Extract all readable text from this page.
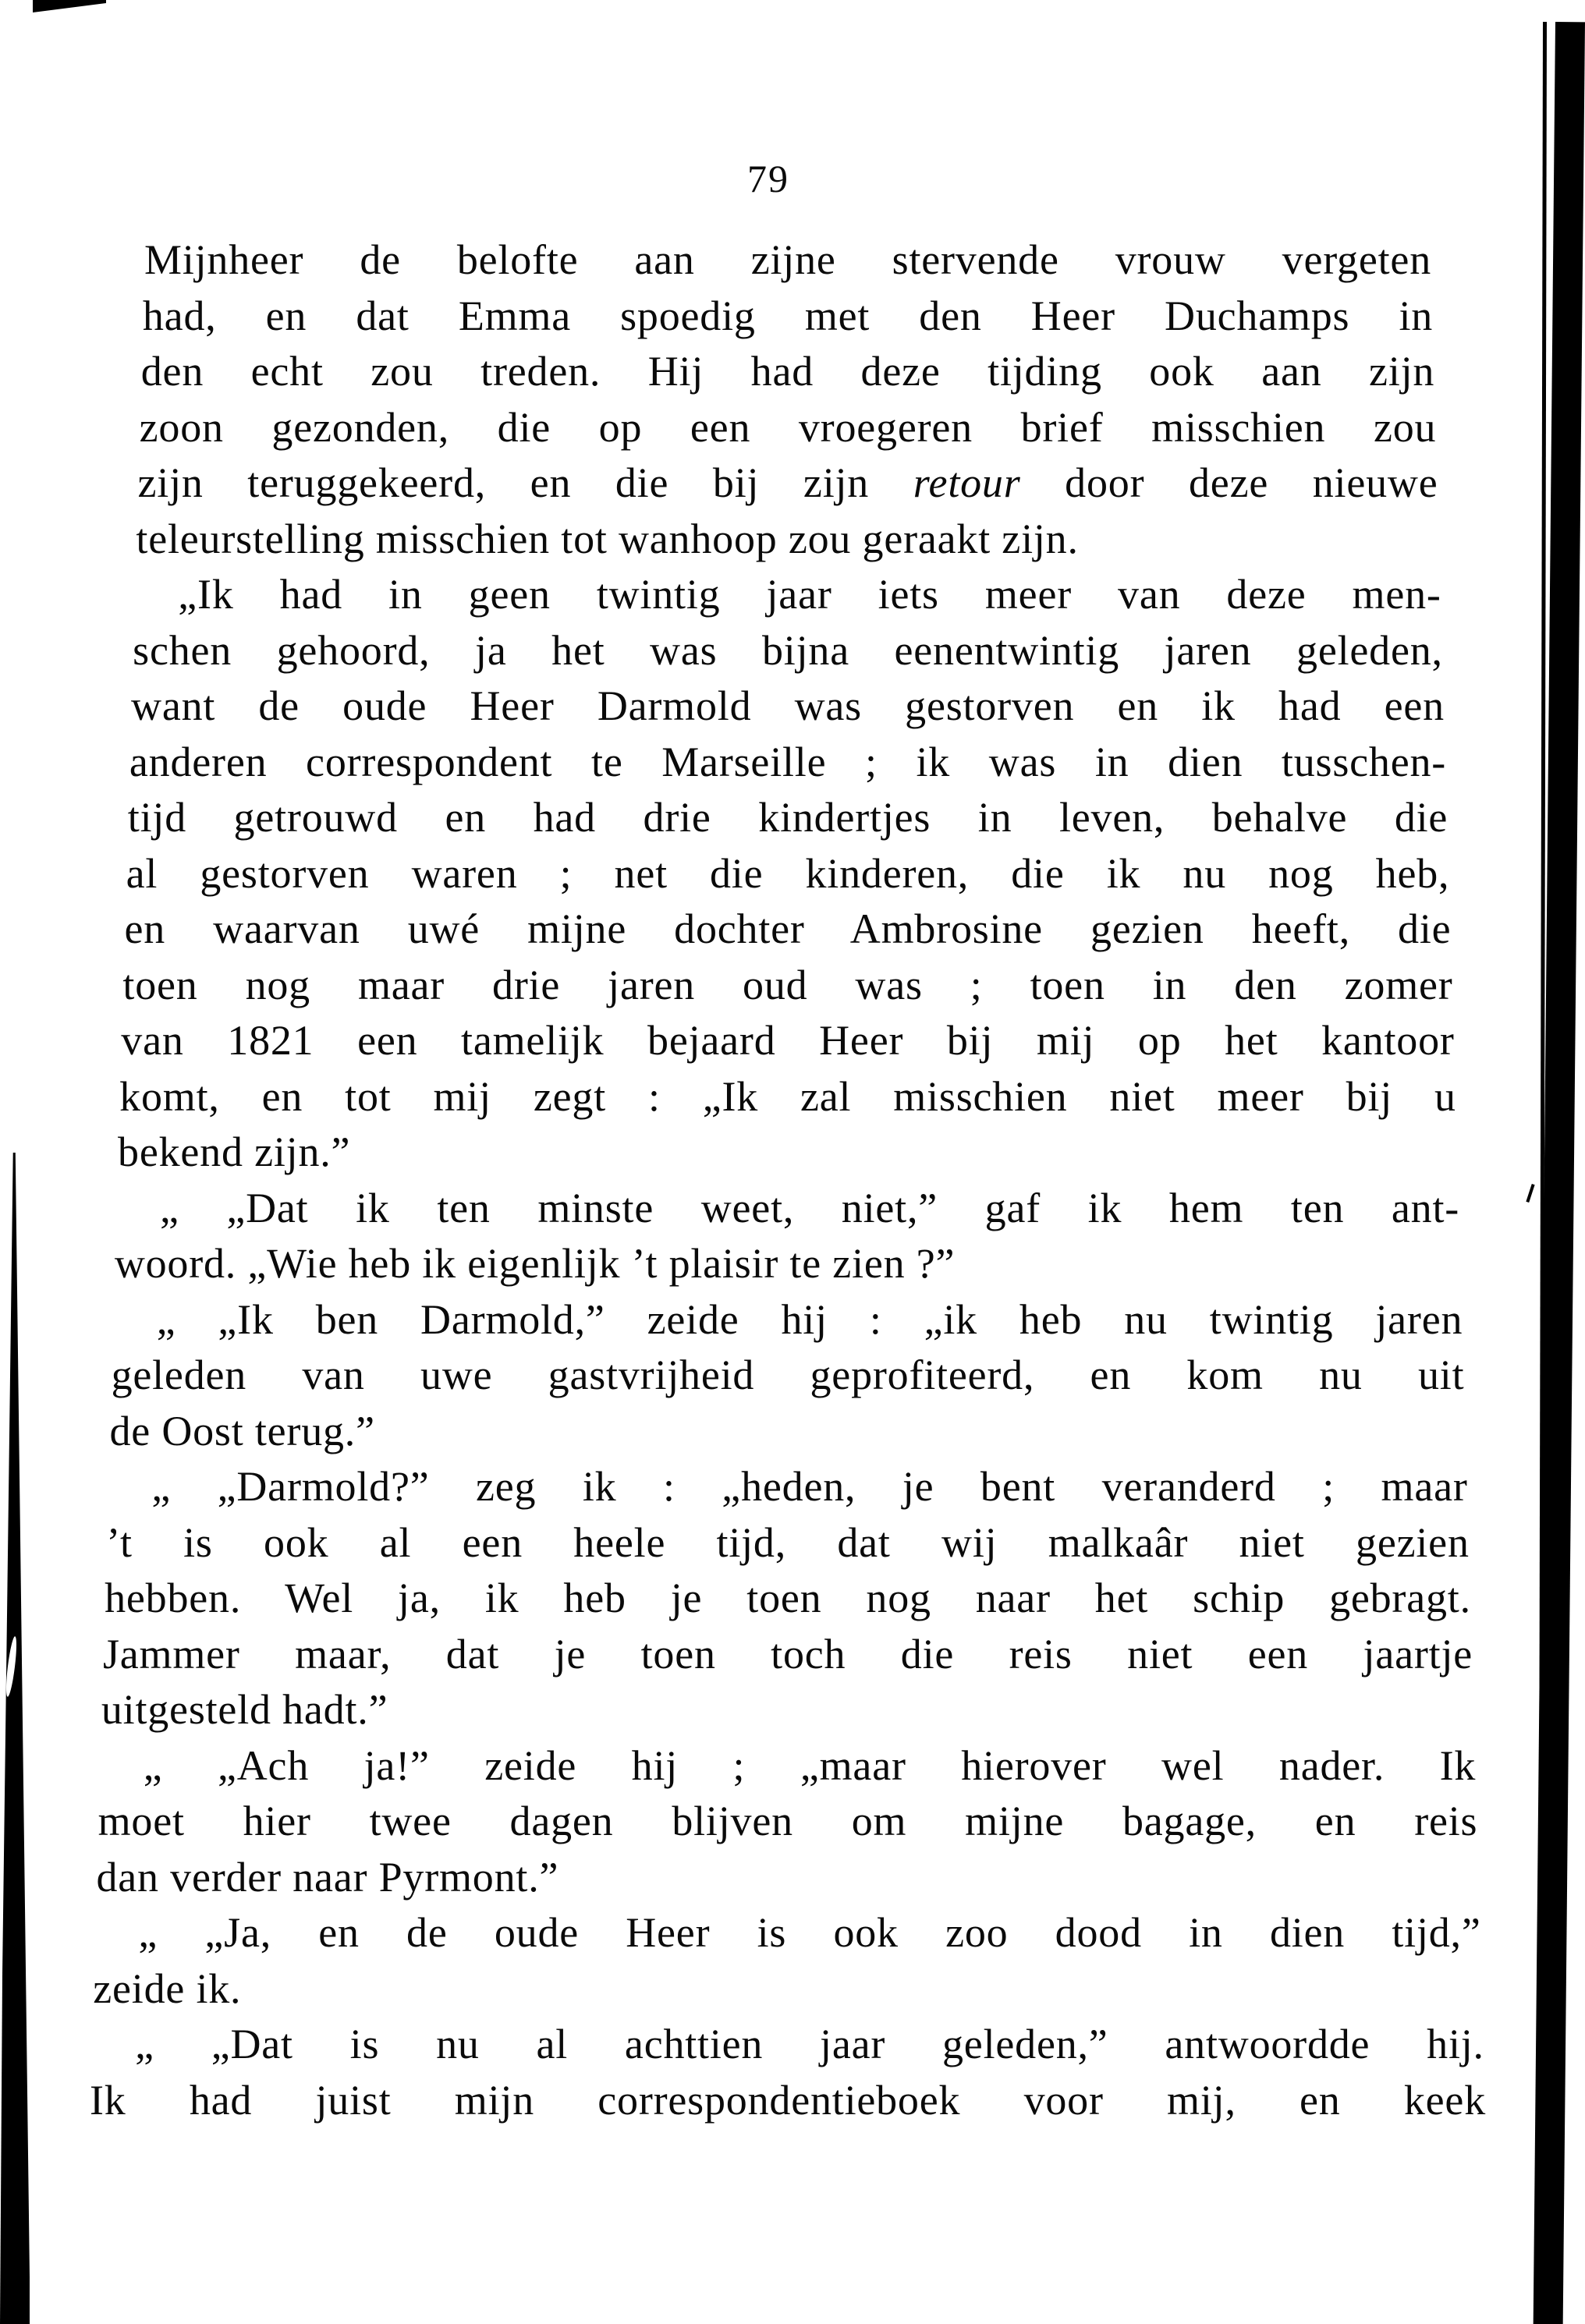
79
Mijnheer de belofte aan zijne stervende vrouw vergeten
had, en dat Emma spoedig met den Heer Duchamps in
den echt zou treden. Hij had deze tijding ook aan zijn
zoon gezonden, die op een vroegeren brief misschien zou
zijn teruggekeerd, en die bij zijn retour door deze nieuwe
teleurstelling misschien tot wanhoop zou geraakt zijn.
„Ik had in geen twintig jaar iets meer van deze men-
schen gehoord, ja het was bijna eenentwintig jaren geleden,
want de oude Heer Darmold was gestorven en ik had een
anderen correspondent te Marseille ; ik was in dien tusschen-
tijd getrouwd en had drie kindertjes in leven, behalve die
al gestorven waren ; net die kinderen, die ik nu nog heb,
en waarvan uwé mijne dochter Ambrosine gezien heeft, die
toen nog maar drie jaren oud was ; toen in den zomer
van 1821 een tamelijk bejaard Heer bij mij op het kantoor
komt, en tot mij zegt : „Ik zal misschien niet meer bij u
bekend zijn.”
„ „Dat ik ten minste weet, niet,” gaf ik hem ten ant-
woord. „Wie heb ik eigenlijk ’t plaisir te zien ?”
„ „Ik ben Darmold,” zeide hij : „ik heb nu twintig jaren
geleden van uwe gastvrijheid geprofiteerd, en kom nu uit
de Oost terug.”
„ „Darmold?” zeg ik : „heden, je bent veranderd ; maar
’t is ook al een heele tijd, dat wij malkaâr niet gezien
hebben. Wel ja, ik heb je toen nog naar het schip gebragt.
Jammer maar, dat je toen toch die reis niet een jaartje
uitgesteld hadt.”
„ „Ach ja!” zeide hij ; „maar hierover wel nader. Ik
moet hier twee dagen blijven om mijne bagage, en reis
dan verder naar Pyrmont.”
„ „Ja, en de oude Heer is ook zoo dood in dien tijd,”
zeide ik.
„ „Dat is nu al achttien jaar geleden,” antwoordde hij.
Ik had juist mijn correspondentieboek voor mij, en keek
